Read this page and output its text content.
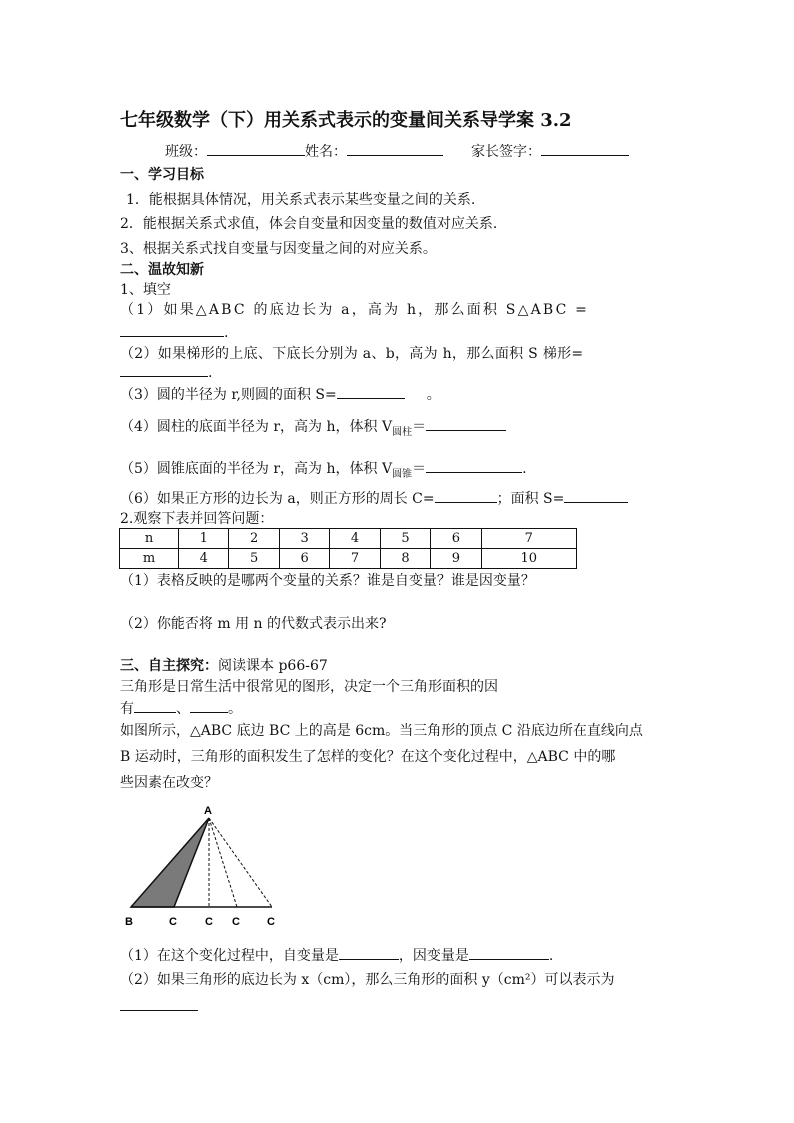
七年级数学（下）用关系式表示的变量间关系导学案 3.2
班级：	姓名：	家长签字：
一、学习目标
1．能根据具体情况，用关系式表示某些变量之间的关系.
2．能根据关系式求值，体会自变量和因变量的数值对应关系.
3、根据关系式找自变量与因变量之间的对应关系。
二、温故知新
1、填空
（1）如果△ABC 的底边长为 a，高为 h，那么面积 S△ABC =
.
（2）如果梯形的上底、下底长分别为 a、b，高为 h，那么面积 S 梯形=
.
（3）圆的半径为 r,则圆的面积 S=	。
（4）圆柱的底面半径为 r，高为 h，体积 $V_{圆柱}=$
（5）圆锥底面的半径为 r，高为 h，体积 $V_{圆锥}=$	.
（6）如果正方形的边长为 a，则正方形的周长 C=	；面积 S=
2.观察下表并回答问题：
n	1	2	3	4	5	6	7
m	4	5	6	7	8	9	10
（1）表格反映的是哪两个变量的关系？谁是自变量？谁是因变量？
（2）你能否将 m 用 n 的代数式表示出来?
三、自主探究：阅读课本 p66-67
三角形是日常生活中很常见的图形，决定一个三角形面积的因
有	、	。
如图所示，△ABC 底边 BC 上的高是 6cm。当三角形的顶点 C 沿底边所在直线向点
B 运动时，三角形的面积发生了怎样的变化？在这个变化过程中，△ABC 中的哪
些因素在改变？
A
B	C	C C C
（1）在这个变化过程中，自变量是	，因变量是	.
（2）如果三角形的底边长为 x（cm），那么三角形的面积 y（cm²）可以表示为
